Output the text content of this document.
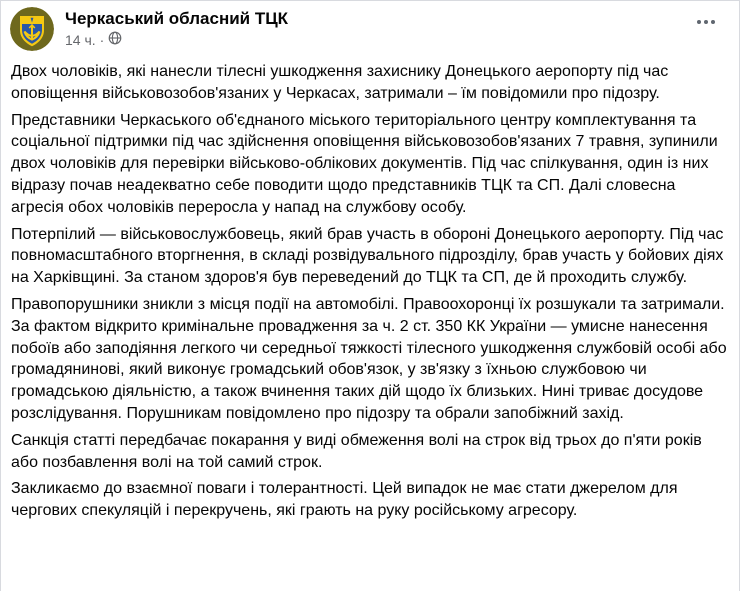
Черкаський обласний ТЦК
14 ч. ·

Двох чоловіків, які нанесли тілесні ушкодження захиснику Донецького аеропорту під час оповіщення військовозобов'язаних у Черкасах, затримали – їм повідомили про підозру.

Представники Черкаського об'єднаного міського територіального центру комплектування та соціальної підтримки під час здійснення оповіщення військовозобов'язаних 7 травня, зупинили двох чоловіків для перевірки військово-облікових документів. Під час спілкування, один із них відразу почав неадекватно себе поводити щодо представників ТЦК та СП. Далі словесна агресія обох чоловіків переросла у напад на службову особу.

Потерпілий — військовослужбовець, який брав участь в обороні Донецького аеропорту. Під час повномасштабного вторгнення, в складі розвідувального підрозділу, брав участь у бойових діях на Харківщині. За станом здоров'я був переведений до ТЦК та СП, де й проходить службу.

Правопорушники зникли з місця події на автомобілі. Правоохоронці їх розшукали та затримали.

За фактом відкрито кримінальне провадження за ч. 2 ст. 350 КК України — умисне нанесення побоїв або заподіяння легкого чи середньої тяжкості тілесного ушкодження службовій особі або громадянинові, який виконує громадський обов'язок, у зв'язку з їхньою службовою чи громадською діяльністю, а також вчинення таких дій щодо їх близьких. Нині триває досудове розслідування. Порушникам повідомлено про підозру та обрали запобіжний захід.

Санкція статті передбачає покарання у виді обмеження волі на строк від трьох до п'яти років або позбавлення волі на той самий строк.

Закликаємо до взаємної поваги і толерантності. Цей випадок не має стати джерелом для чергових спекуляцій і перекручень, які грають на руку російському агресору.
